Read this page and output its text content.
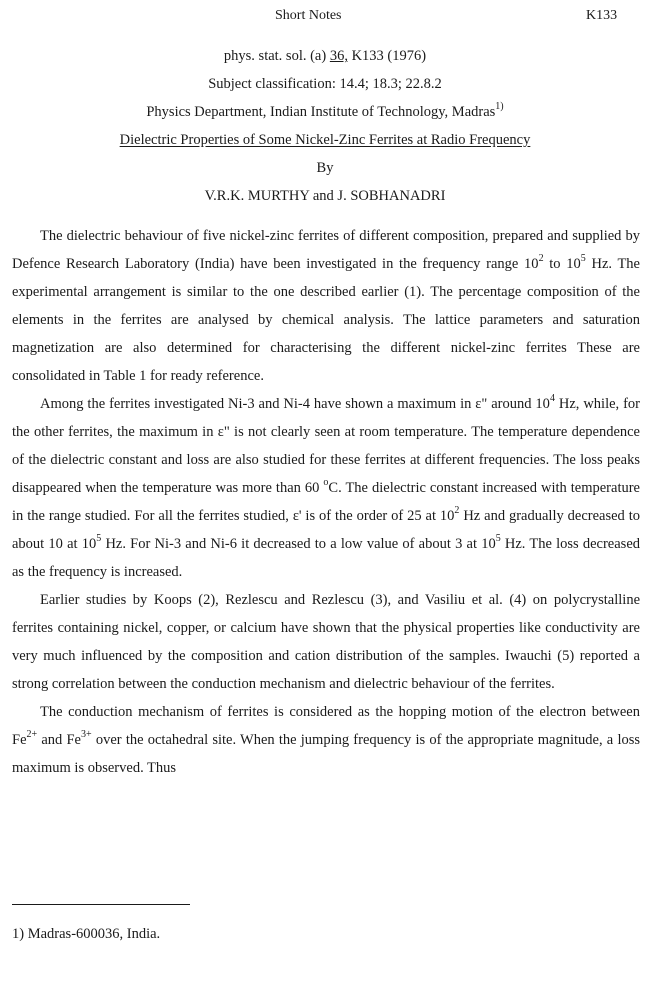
Short Notes	K133
phys. stat. sol. (a) 36, K133 (1976)
Subject classification: 14.4; 18.3; 22.8.2
Physics Department, Indian Institute of Technology, Madras$^{1)}$
Dielectric Properties of Some Nickel-Zinc Ferrites at Radio Frequency
By
V.R.K. MURTHY and J. SOBHANADRI

The dielectric behaviour of five nickel-zinc ferrites of different composition, prepared and supplied by Defence Research Laboratory (India) have been investigated in the frequency range $10^2$ to $10^5$ Hz. The experimental arrangement is similar to the one described earlier (1). The percentage composition of the elements in the ferrites are analysed by chemical analysis. The lattice parameters and saturation magnetization are also determined for characterising the different nickel-zinc ferrites These are consolidated in Table 1 for ready reference.

Among the ferrites investigated Ni-3 and Ni-4 have shown a maximum in ε" around $10^4$ Hz, while, for the other ferrites, the maximum in ε" is not clearly seen at room temperature. The temperature dependence of the dielectric constant and loss are also studied for these ferrites at different frequencies. The loss peaks disappeared when the temperature was more than 60 $^o$C. The dielectric constant increased with temperature in the range studied. For all the ferrites studied, ε' is of the order of 25 at $10^2$ Hz and gradually decreased to about 10 at $10^5$ Hz. For Ni-3 and Ni-6 it decreased to a low value of about 3 at $10^5$ Hz. The loss decreased as the frequency is increased.

Earlier studies by Koops (2), Rezlescu and Rezlescu (3), and Vasiliu et al. (4) on polycrystalline ferrites containing nickel, copper, or calcium have shown that the physical properties like conductivity are very much influenced by the composition and cation distribution of the samples. Iwauchi (5) reported a strong correlation between the conduction mechanism and dielectric behaviour of the ferrites.

The conduction mechanism of ferrites is considered as the hopping motion of the electron between $Fe^{2+}$ and $Fe^{3+}$ over the octahedral site. When the jumping frequency is of the appropriate magnitude, a loss maximum is observed. Thus

1) Madras-600036, India.
